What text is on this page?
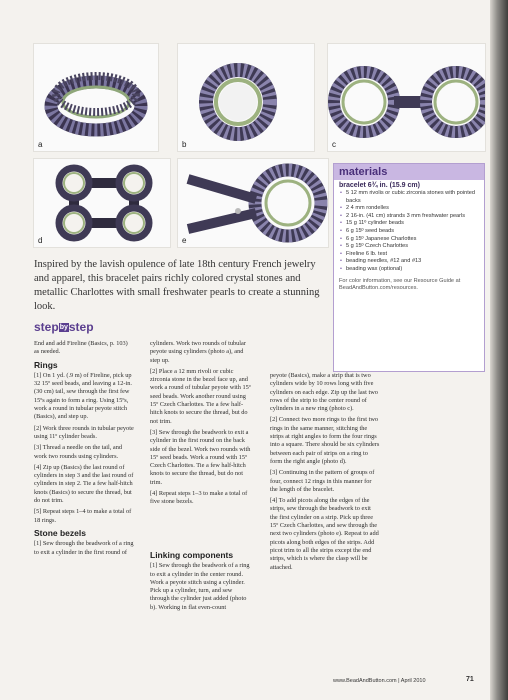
a	b	c
d	e
materials
bracelet 6¾ in. (15.9 cm)
• 5 12 mm rivolis or cubic zirconia stones with pointed backs
• 2 4 mm rondelles
• 2 16-in. (41 cm) strands 3 mm freshwater pearls
• 15 g 11º cylinder beads
• 6 g 15º seed beads
• 6 g 15º Japanese Charlottes
• 5 g 15º Czech Charlottes
• Fireline 6 lb. test
• beading needles, #12 and #13
• beading wax (optional)
For color information, see our Resource Guide at BeadAndButton.com/resources.
Inspired by the lavish opulence of late 18th century French jewelry and apparel, this bracelet pairs richly colored crystal stones and metallic Charlottes with small freshwater pearls to create a stunning look.
stepbystep

End and add Fireline (Basics, p. 103) as needed.

Rings

[1] On 1 yd. (.9 m) of Fireline, pick up 32 15º seed beads, and leaving a 12-in. (30 cm) tail, sew through the first few 15ºs again to form a ring. Using 15ºs, work a round in tubular peyote stitch (Basics), and step up.

[2] Work three rounds in tubular peyote using 11º cylinder beads.

[3] Thread a needle on the tail, and work two rounds using cylinders.

[4] Zip up (Basics) the last round of cylinders in step 3 and the last round of cylinders in step 2. Tie a few half-hitch knots (Basics) to secure the thread, but do not trim.

[5] Repeat steps 1–4 to make a total of 18 rings.

Stone bezels

[1] Sew through the beadwork of a ring to exit a cylinder in the first round of

cylinders. Work two rounds of tubular peyote using cylinders (photo a), and step up.

[2] Place a 12 mm rivoli or cubic zirconia stone in the bezel face up, and work a round of tubular peyote with 15º seed beads. Work another round using 15º Czech Charlottes. Tie a few half-hitch knots to secure the thread, but do not trim.

[3] Sew through the beadwork to exit a cylinder in the first round on the back side of the bezel. Work two rounds with 15º seed beads. Work a round with 15º Czech Charlottes. Tie a few half-hitch knots to secure the thread, but do not trim.

[4] Repeat steps 1–3 to make a total of five stone bezels.

Linking components

[1] Sew through the beadwork of a ring to exit a cylinder in the center round. Work a peyote stitch using a cylinder. Pick up a cylinder, turn, and sew through the cylinder just added (photo b). Working in flat even-count

peyote (Basics), make a strip that is two cylinders wide by 10 rows long with five cylinders on each edge. Zip up the last two rows of the strip to the center round of cylinders in a new ring (photo c).

[2] Connect two more rings to the first two rings in the same manner, stitching the strips at right angles to form the four rings into a square. There should be six cylinders between each pair of strips on a ring to form the right angle (photo d).

[3] Continuing in the pattern of groups of four, connect 12 rings in this manner for the length of the bracelet.

[4] To add picots along the edges of the strips, sew through the beadwork to exit the first cylinder on a strip. Pick up three 15º Czech Charlottes, and sew through the next two cylinders (photo e). Repeat to add picots along both edges of the strips. Add picot trim to all the strips except the end strips, which is where the clasp will be attached.

www.BeadAndButton.com | April 2010	71
